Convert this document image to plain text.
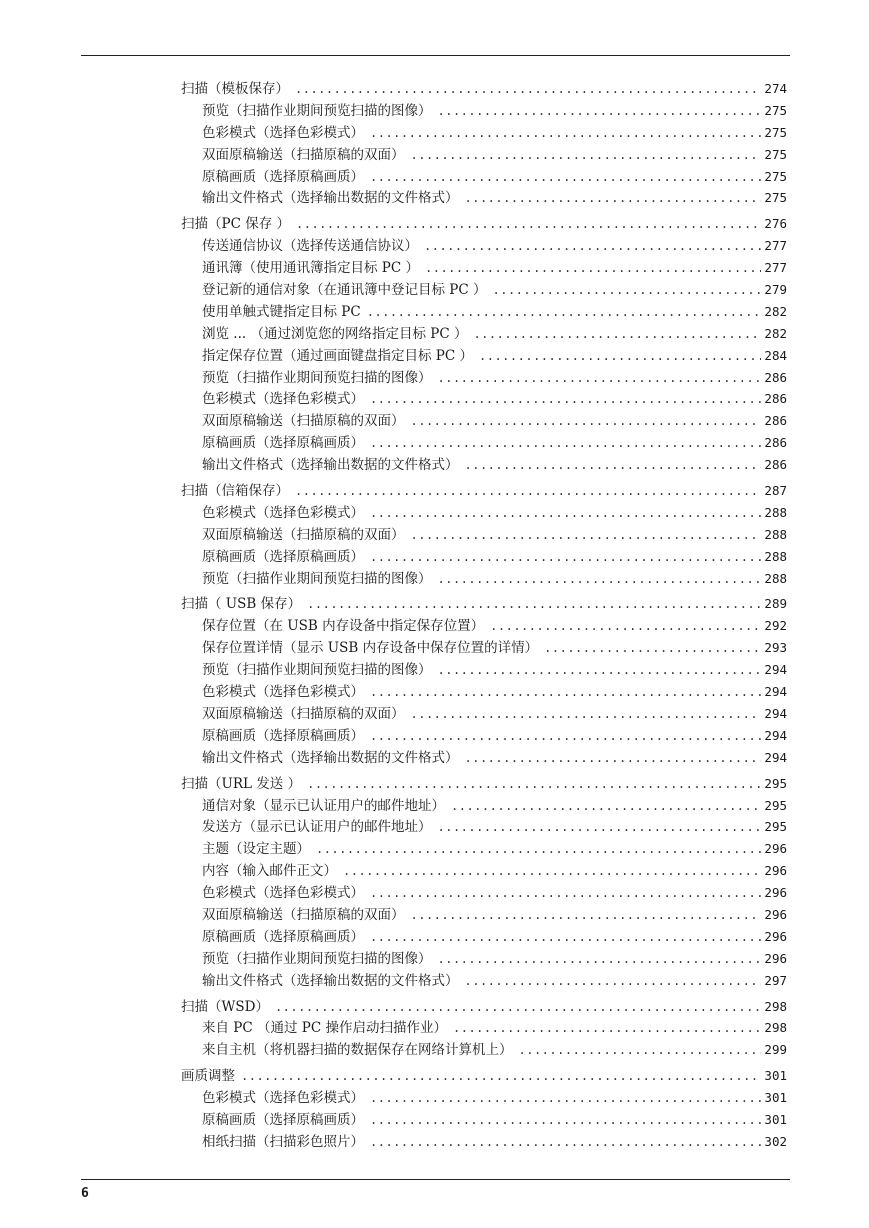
扫描（模板保存） .....	274
预览（扫描作业期间预览扫描的图像） .....	275
色彩模式（选择色彩模式） .....	275
双面原稿输送（扫描原稿的双面） .....	275
原稿画质（选择原稿画质） .....	275
输出文件格式（选择输出数据的文件格式） .....	275
扫描（PC 保存 ） .....	276
传送通信协议（选择传送通信协议） .....	277
通讯簿（使用通讯簿指定目标 PC ） .....	277
登记新的通信对象（在通讯簿中登记目标 PC ） .....	279
使用单触式键指定目标 PC .....	282
浏览 ... （通过浏览您的网络指定目标 PC ） .....	282
指定保存位置（通过画面键盘指定目标 PC ） .....	284
预览（扫描作业期间预览扫描的图像） .....	286
色彩模式（选择色彩模式） .....	286
双面原稿输送（扫描原稿的双面） .....	286
原稿画质（选择原稿画质） .....	286
输出文件格式（选择输出数据的文件格式） .....	286
扫描（信箱保存） .....	287
色彩模式（选择色彩模式） .....	288
双面原稿输送（扫描原稿的双面） .....	288
原稿画质（选择原稿画质） .....	288
预览（扫描作业期间预览扫描的图像） .....	288
扫描（ USB 保存） .....	289
保存位置（在 USB 内存设备中指定保存位置） .....	292
保存位置详情（显示 USB 内存设备中保存位置的详情） .....	293
预览（扫描作业期间预览扫描的图像） .....	294
色彩模式（选择色彩模式） .....	294
双面原稿输送（扫描原稿的双面） .....	294
原稿画质（选择原稿画质） .....	294
输出文件格式（选择输出数据的文件格式） .....	294
扫描（URL 发送 ） .....	295
通信对象（显示已认证用户的邮件地址） .....	295
发送方（显示已认证用户的邮件地址） .....	295
主题（设定主题） .....	296
内容（输入邮件正文） .....	296
色彩模式（选择色彩模式） .....	296
双面原稿输送（扫描原稿的双面） .....	296
原稿画质（选择原稿画质） .....	296
预览（扫描作业期间预览扫描的图像） .....	296
输出文件格式（选择输出数据的文件格式） .....	297
扫描（WSD） .....	298
来自 PC （通过 PC 操作启动扫描作业） .....	298
来自主机（将机器扫描的数据保存在网络计算机上） .....	299
画质调整 .....	301
色彩模式（选择色彩模式） .....	301
原稿画质（选择原稿画质） .....	301
相纸扫描（扫描彩色照片） .....	302
6
